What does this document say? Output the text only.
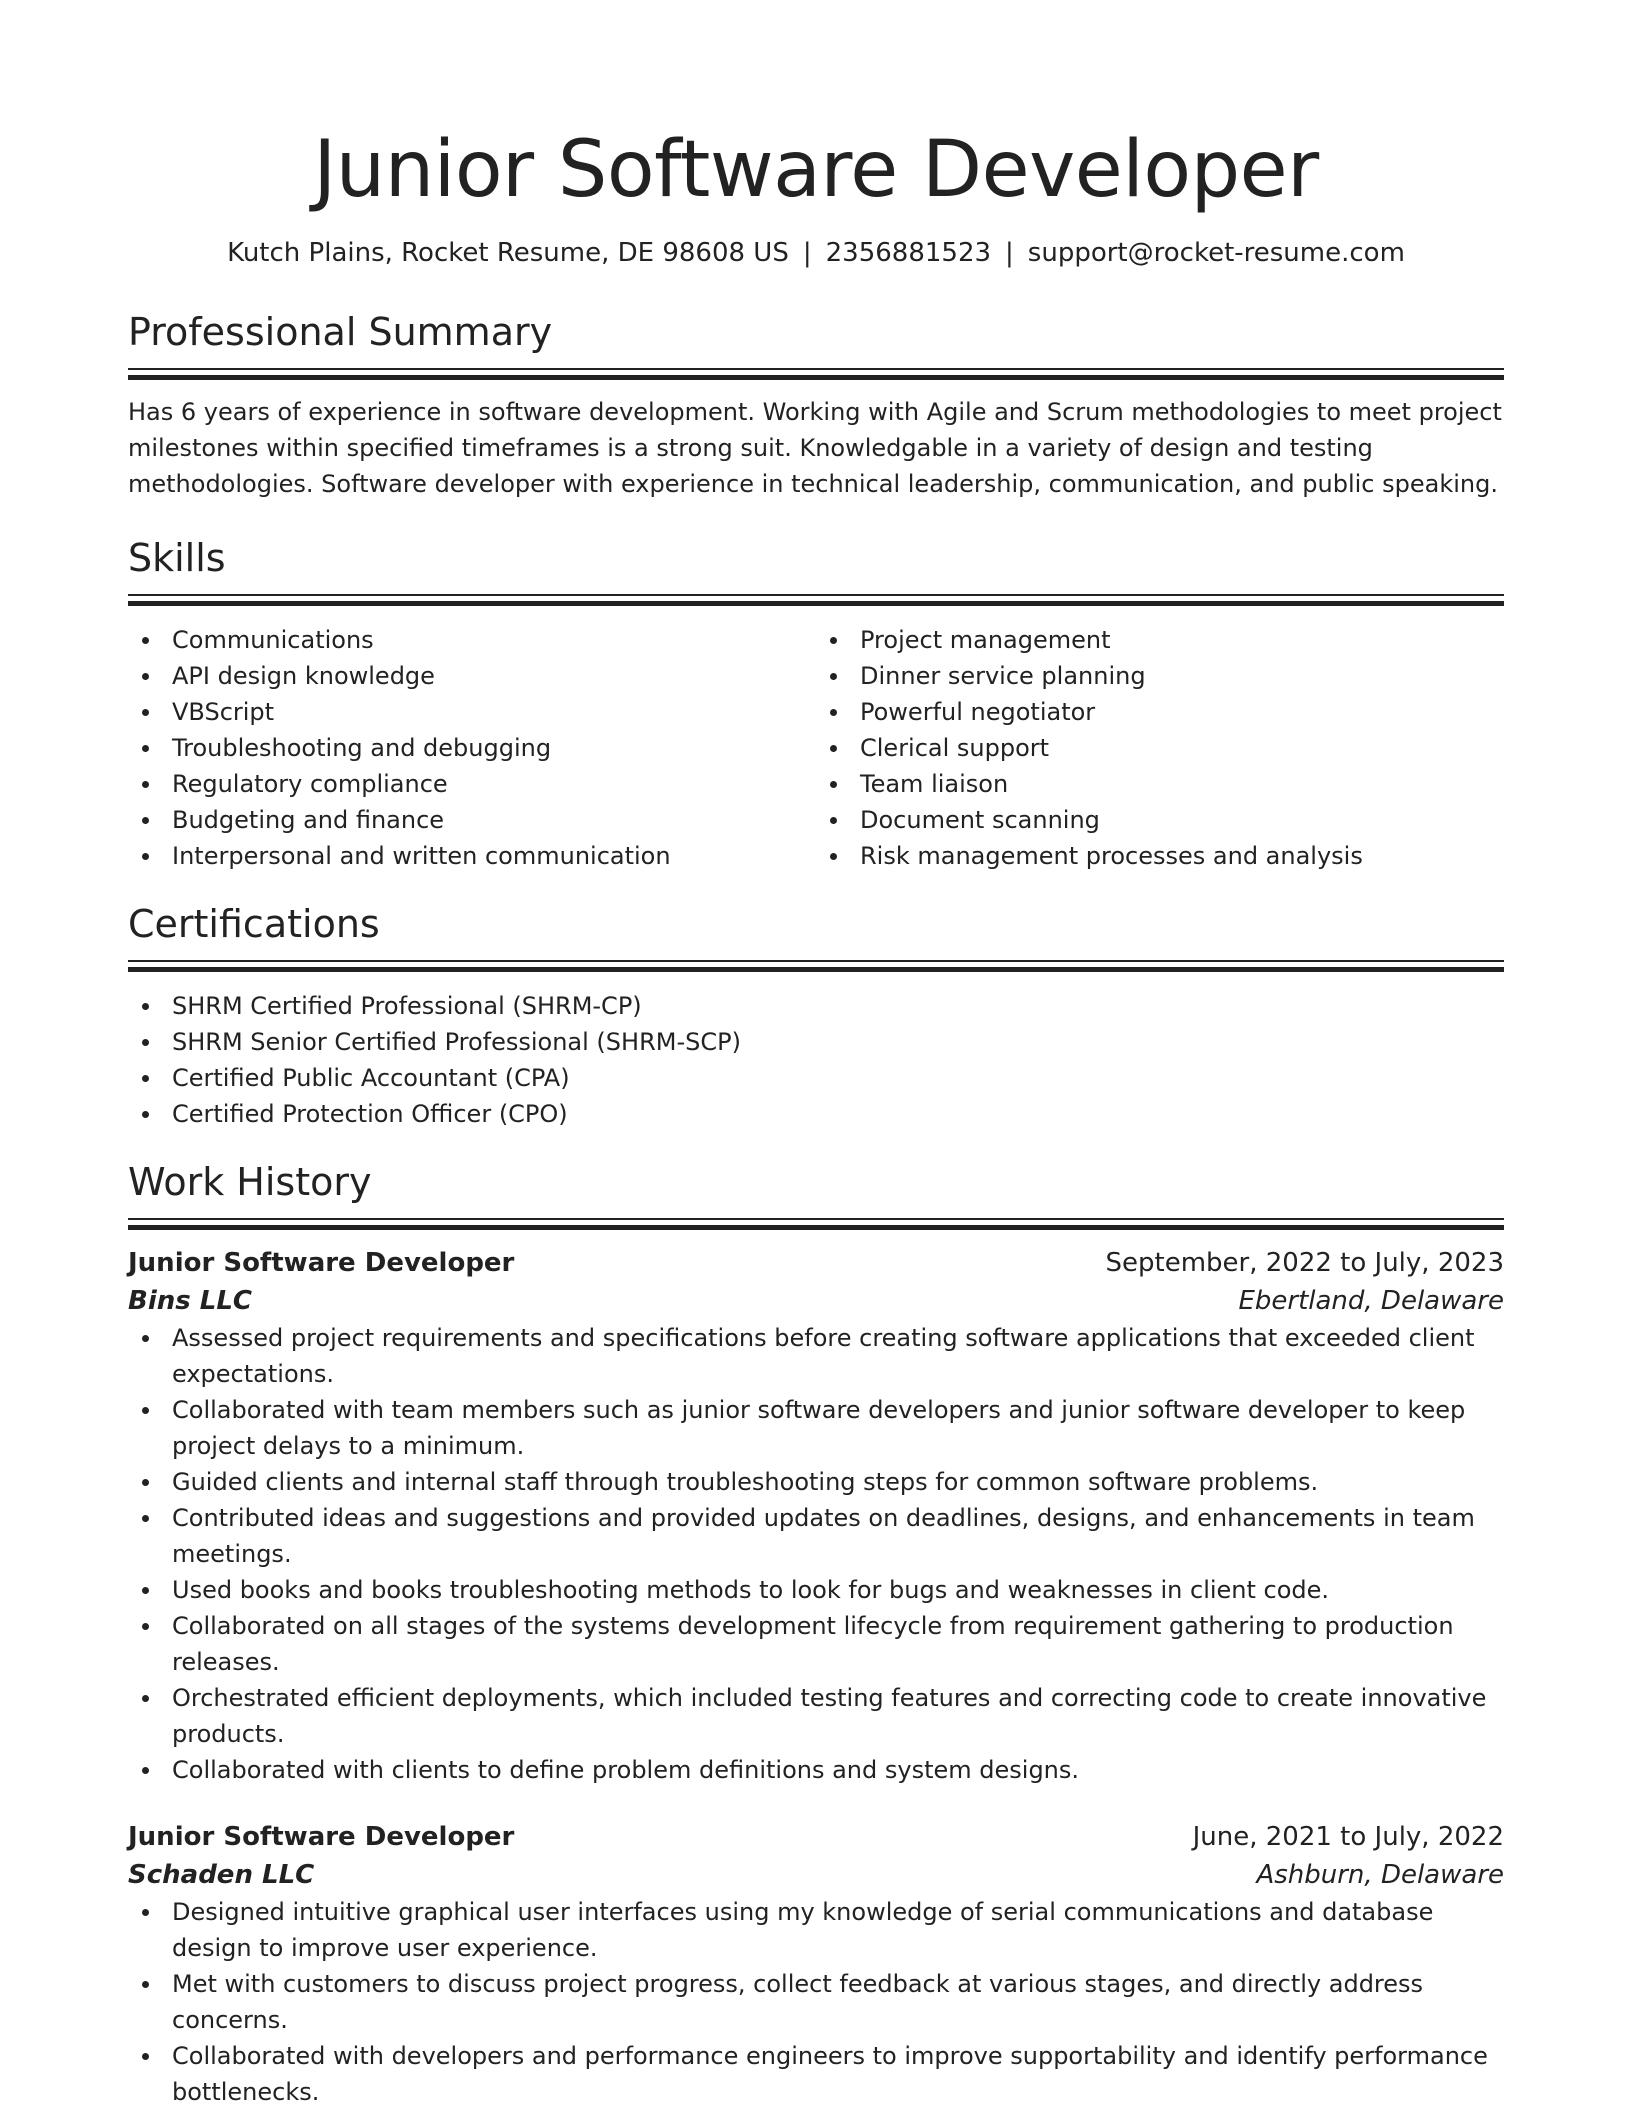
Junior Software Developer
Kutch Plains, Rocket Resume, DE 98608 US | 2356881523 | support@rocket-resume.com
Professional Summary

Has 6 years of experience in software development. Working with Agile and Scrum methodologies to meet project milestones within specified timeframes is a strong suit. Knowledgable in a variety of design and testing methodologies. Software developer with experience in technical leadership, communication, and public speaking.

Skills
Communications
API design knowledge
VBScript
Troubleshooting and debugging
Regulatory compliance
Budgeting and finance
Interpersonal and written communication
Project management
Dinner service planning
Powerful negotiator
Clerical support
Team liaison
Document scanning
Risk management processes and analysis
Certifications
SHRM Certified Professional (SHRM-CP)
SHRM Senior Certified Professional (SHRM-SCP)
Certified Public Accountant (CPA)
Certified Protection Officer (CPO)
Work History
Junior Software Developer	September, 2022 to July, 2023
Bins LLC	Ebertland, Delaware
Assessed project requirements and specifications before creating software applications that exceeded client expectations.
Collaborated with team members such as junior software developers and junior software developer to keep project delays to a minimum.
Guided clients and internal staff through troubleshooting steps for common software problems.
Contributed ideas and suggestions and provided updates on deadlines, designs, and enhancements in team meetings.
Used books and books troubleshooting methods to look for bugs and weaknesses in client code.
Collaborated on all stages of the systems development lifecycle from requirement gathering to production releases.
Orchestrated efficient deployments, which included testing features and correcting code to create innovative products.
Collaborated with clients to define problem definitions and system designs.
Junior Software Developer	June, 2021 to July, 2022
Schaden LLC	Ashburn, Delaware
Designed intuitive graphical user interfaces using my knowledge of serial communications and database design to improve user experience.
Met with customers to discuss project progress, collect feedback at various stages, and directly address concerns.
Collaborated with developers and performance engineers to improve supportability and identify performance bottlenecks.
